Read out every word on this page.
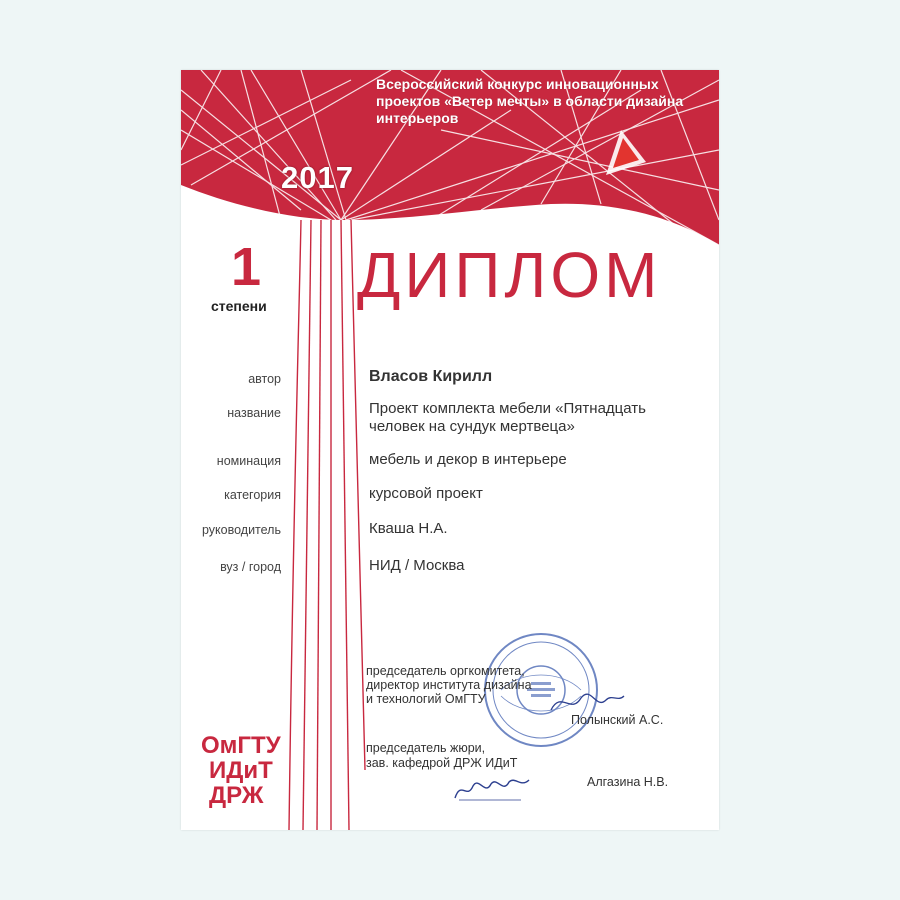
Всероссийский конкурс инновационных проектов «Ветер мечты» в области дизайна интерьеров
2017
1
степени ДИПЛОМ
автор	Власов Кирилл
название	Проект комплекта мебели «Пятнадцать человек на сундук мертвеца»
номинация	мебель и декор в интерьере
категория	курсовой проект
руководитель	Кваша Н.А.
вуз / город	НИД / Москва
председатель оргкомитета,
директор института дизайна
и технологий ОмГТУ
Полынский А.С.
председатель жюри,
зав. кафедрой ДРЖ ИДиТ
Алгазина Н.В.
ОмГТУ
ИДиТ
ДРЖ
